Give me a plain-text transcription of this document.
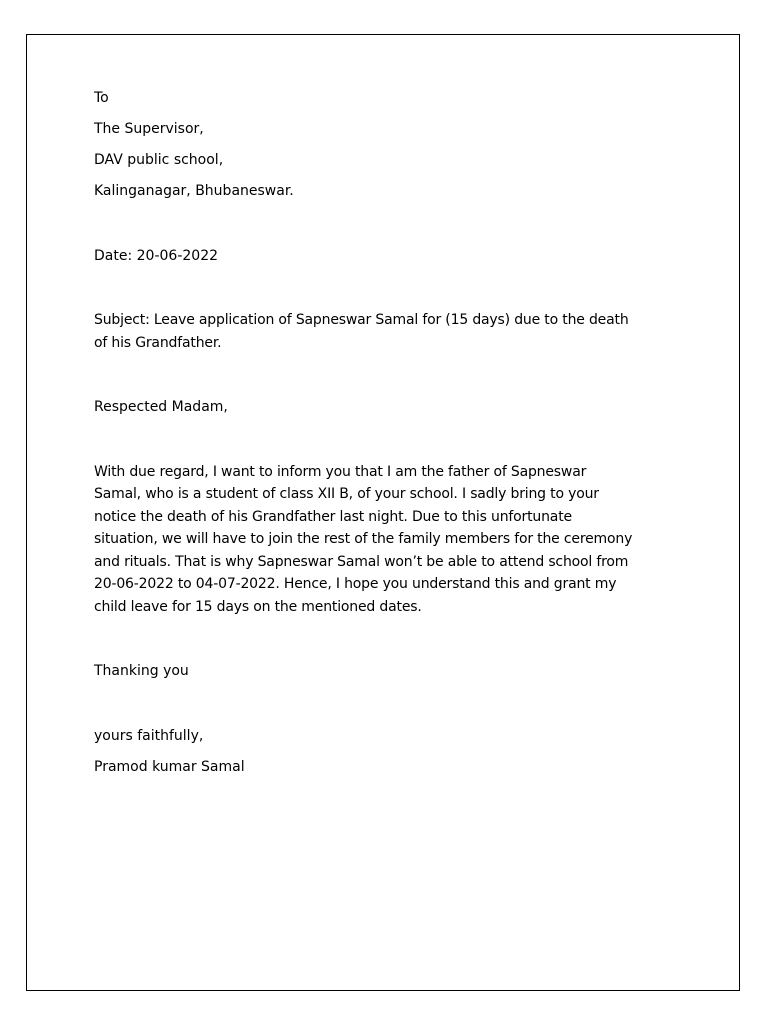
To

The Supervisor,

DAV public school,

Kalinganagar, Bhubaneswar.

Date: 20-06-2022

Subject: Leave application of Sapneswar Samal for (15 days) due to the death

of his Grandfather.

Respected Madam,

With due regard, I want to inform you that I am the father of Sapneswar

Samal, who is a student of class XII B, of your school. I sadly bring to your

notice the death of his Grandfather last night. Due to this unfortunate

situation, we will have to join the rest of the family members for the ceremony

and rituals. That is why Sapneswar Samal won’t be able to attend school from

20-06-2022 to 04-07-2022. Hence, I hope you understand this and grant my

child leave for 15 days on the mentioned dates.

Thanking you

yours faithfully,

Pramod kumar Samal
